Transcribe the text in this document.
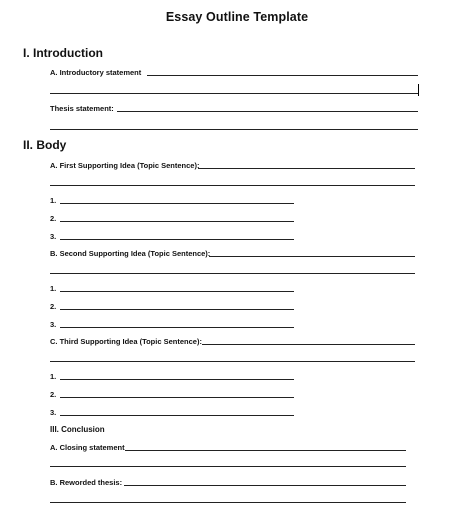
Essay Outline Template
I. Introduction
A. Introductory statement
Thesis statement:
II. Body
A. First Supporting Idea (Topic Sentence):
1.
2.
3.
B. Second Supporting Idea (Topic Sentence):
1.
2.
3.
C. Third Supporting Idea (Topic Sentence):
1.
2.
3.
III. Conclusion
A. Closing statement
B. Reworded thesis:
